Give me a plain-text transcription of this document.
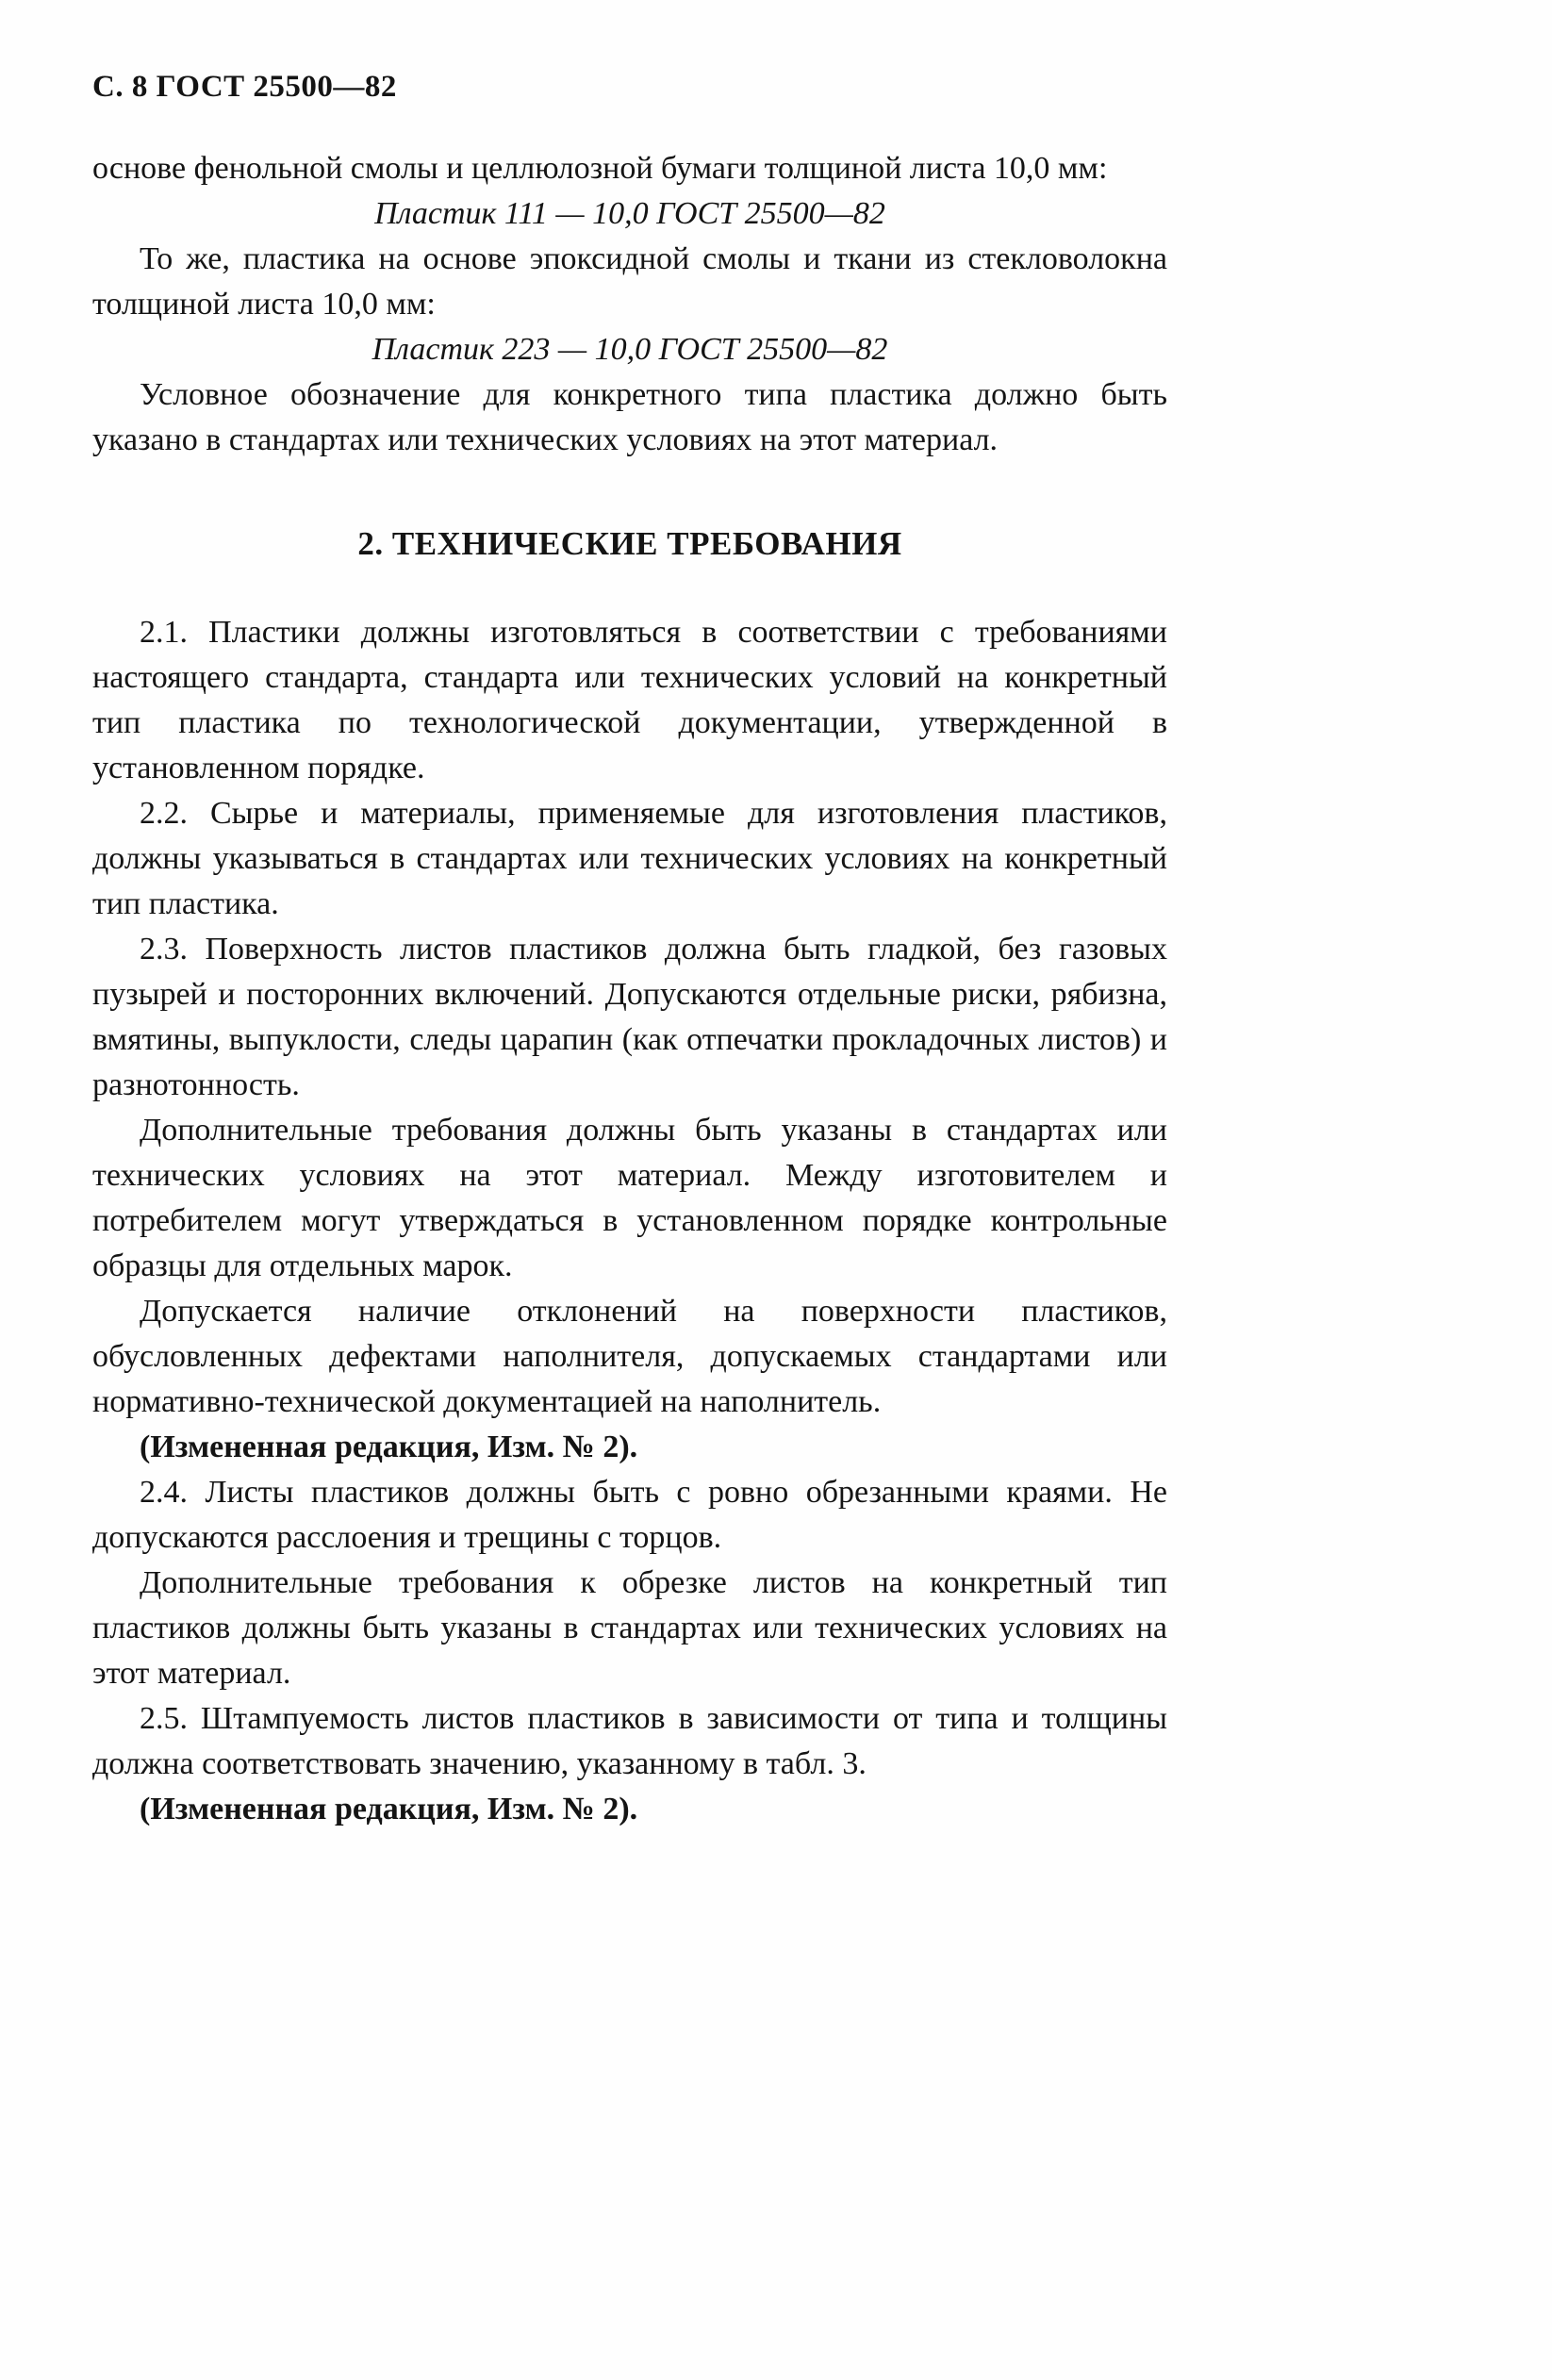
С. 8 ГОСТ 25500—82

основе фенольной смолы и целлюлозной бумаги толщиной листа 10,0 мм:

Пластик 111 — 10,0 ГОСТ 25500—82

То же, пластика на основе эпоксидной смолы и ткани из стекловолокна толщиной листа 10,0 мм:

Пластик 223 — 10,0 ГОСТ 25500—82

Условное обозначение для конкретного типа пластика должно быть указано в стандартах или технических условиях на этот материал.

2. ТЕХНИЧЕСКИЕ ТРЕБОВАНИЯ

2.1. Пластики должны изготовляться в соответствии с требованиями настоящего стандарта, стандарта или технических условий на конкретный тип пластика по технологической документации, утвержденной в установленном порядке.

2.2. Сырье и материалы, применяемые для изготовления пластиков, должны указываться в стандартах или технических условиях на конкретный тип пластика.

2.3. Поверхность листов пластиков должна быть гладкой, без газовых пузырей и посторонних включений. Допускаются отдельные риски, рябизна, вмятины, выпуклости, следы царапин (как отпечатки прокладочных листов) и разнотонность.

Дополнительные требования должны быть указаны в стандартах или технических условиях на этот материал. Между изготовителем и потребителем могут утверждаться в установленном порядке контрольные образцы для отдельных марок.

Допускается наличие отклонений на поверхности пластиков, обусловленных дефектами наполнителя, допускаемых стандартами или нормативно-технической документацией на наполнитель.

(Измененная редакция, Изм. № 2).

2.4. Листы пластиков должны быть с ровно обрезанными краями. Не допускаются расслоения и трещины с торцов.

Дополнительные требования к обрезке листов на конкретный тип пластиков должны быть указаны в стандартах или технических условиях на этот материал.

2.5. Штампуемость листов пластиков в зависимости от типа и толщины должна соответствовать значению, указанному в табл. 3.

(Измененная редакция, Изм. № 2).
